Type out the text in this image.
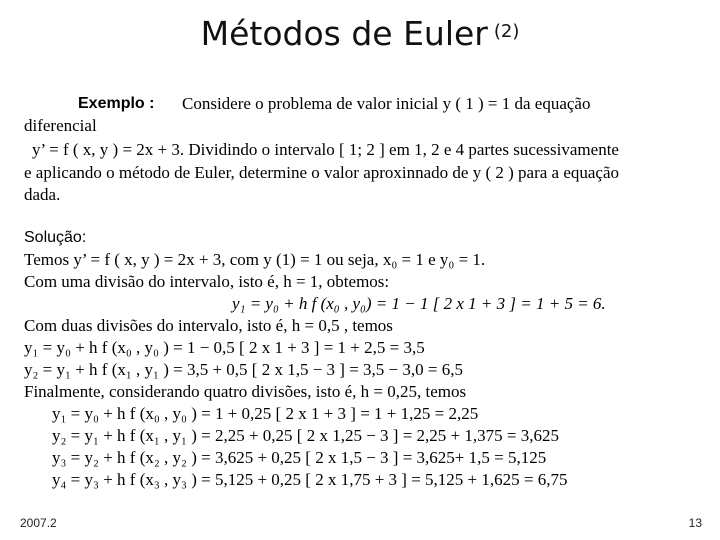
Métodos de Euler $^{(2)}$
Exemplo : Considere o problema de valor inicial y ( 1 ) = 1 da equação
diferencial
y’ = f ( x, y ) = 2x + 3. Dividindo o intervalo [ 1; 2 ] em 1, 2 e 4 partes sucessivamente
e aplicando o método de Euler, determine o valor aproxinnado de y ( 2 ) para a equação
dada.
Solução:
Temos y’ = f ( x, y ) = 2x + 3, com y (1) = 1 ou seja, x₀ = 1 e y₀ = 1.
Com uma divisão do intervalo, isto é, h = 1, obtemos:
y₁ = y₀ + h f (x₀ , y₀) = 1 − 1 [ 2 x 1 + 3 ] = 1 + 5 = 6.
Com duas divisões do intervalo, isto é, h = 0,5 , temos
y₁ = y₀ + h f (x₀ , y₀ ) = 1 − 0,5 [ 2 x 1 + 3 ] = 1 + 2,5 = 3,5
y₂ = y₁ + h f (x₁ , y₁ ) = 3,5 + 0,5 [ 2 x 1,5 − 3 ] = 3,5 − 3,0 = 6,5
Finalmente, considerando quatro divisões, isto é, h = 0,25, temos
y₁ = y₀ + h f (x₀ , y₀ ) = 1 + 0,25 [ 2 x 1 + 3 ] = 1 + 1,25 = 2,25
y₂ = y₁ + h f (x₁ , y₁ ) = 2,25 + 0,25 [ 2 x 1,25 − 3 ] = 2,25 + 1,375 = 3,625
y₃ = y₂ + h f (x₂ , y₂ ) = 3,625 + 0,25 [ 2 x 1,5 − 3 ] = 3,625+ 1,5 = 5,125
y₄ = y₃ + h f (x₃ , y₃ ) = 5,125 + 0,25 [ 2 x 1,75 + 3 ] = 5,125 + 1,625 = 6,75
2007.2	13
